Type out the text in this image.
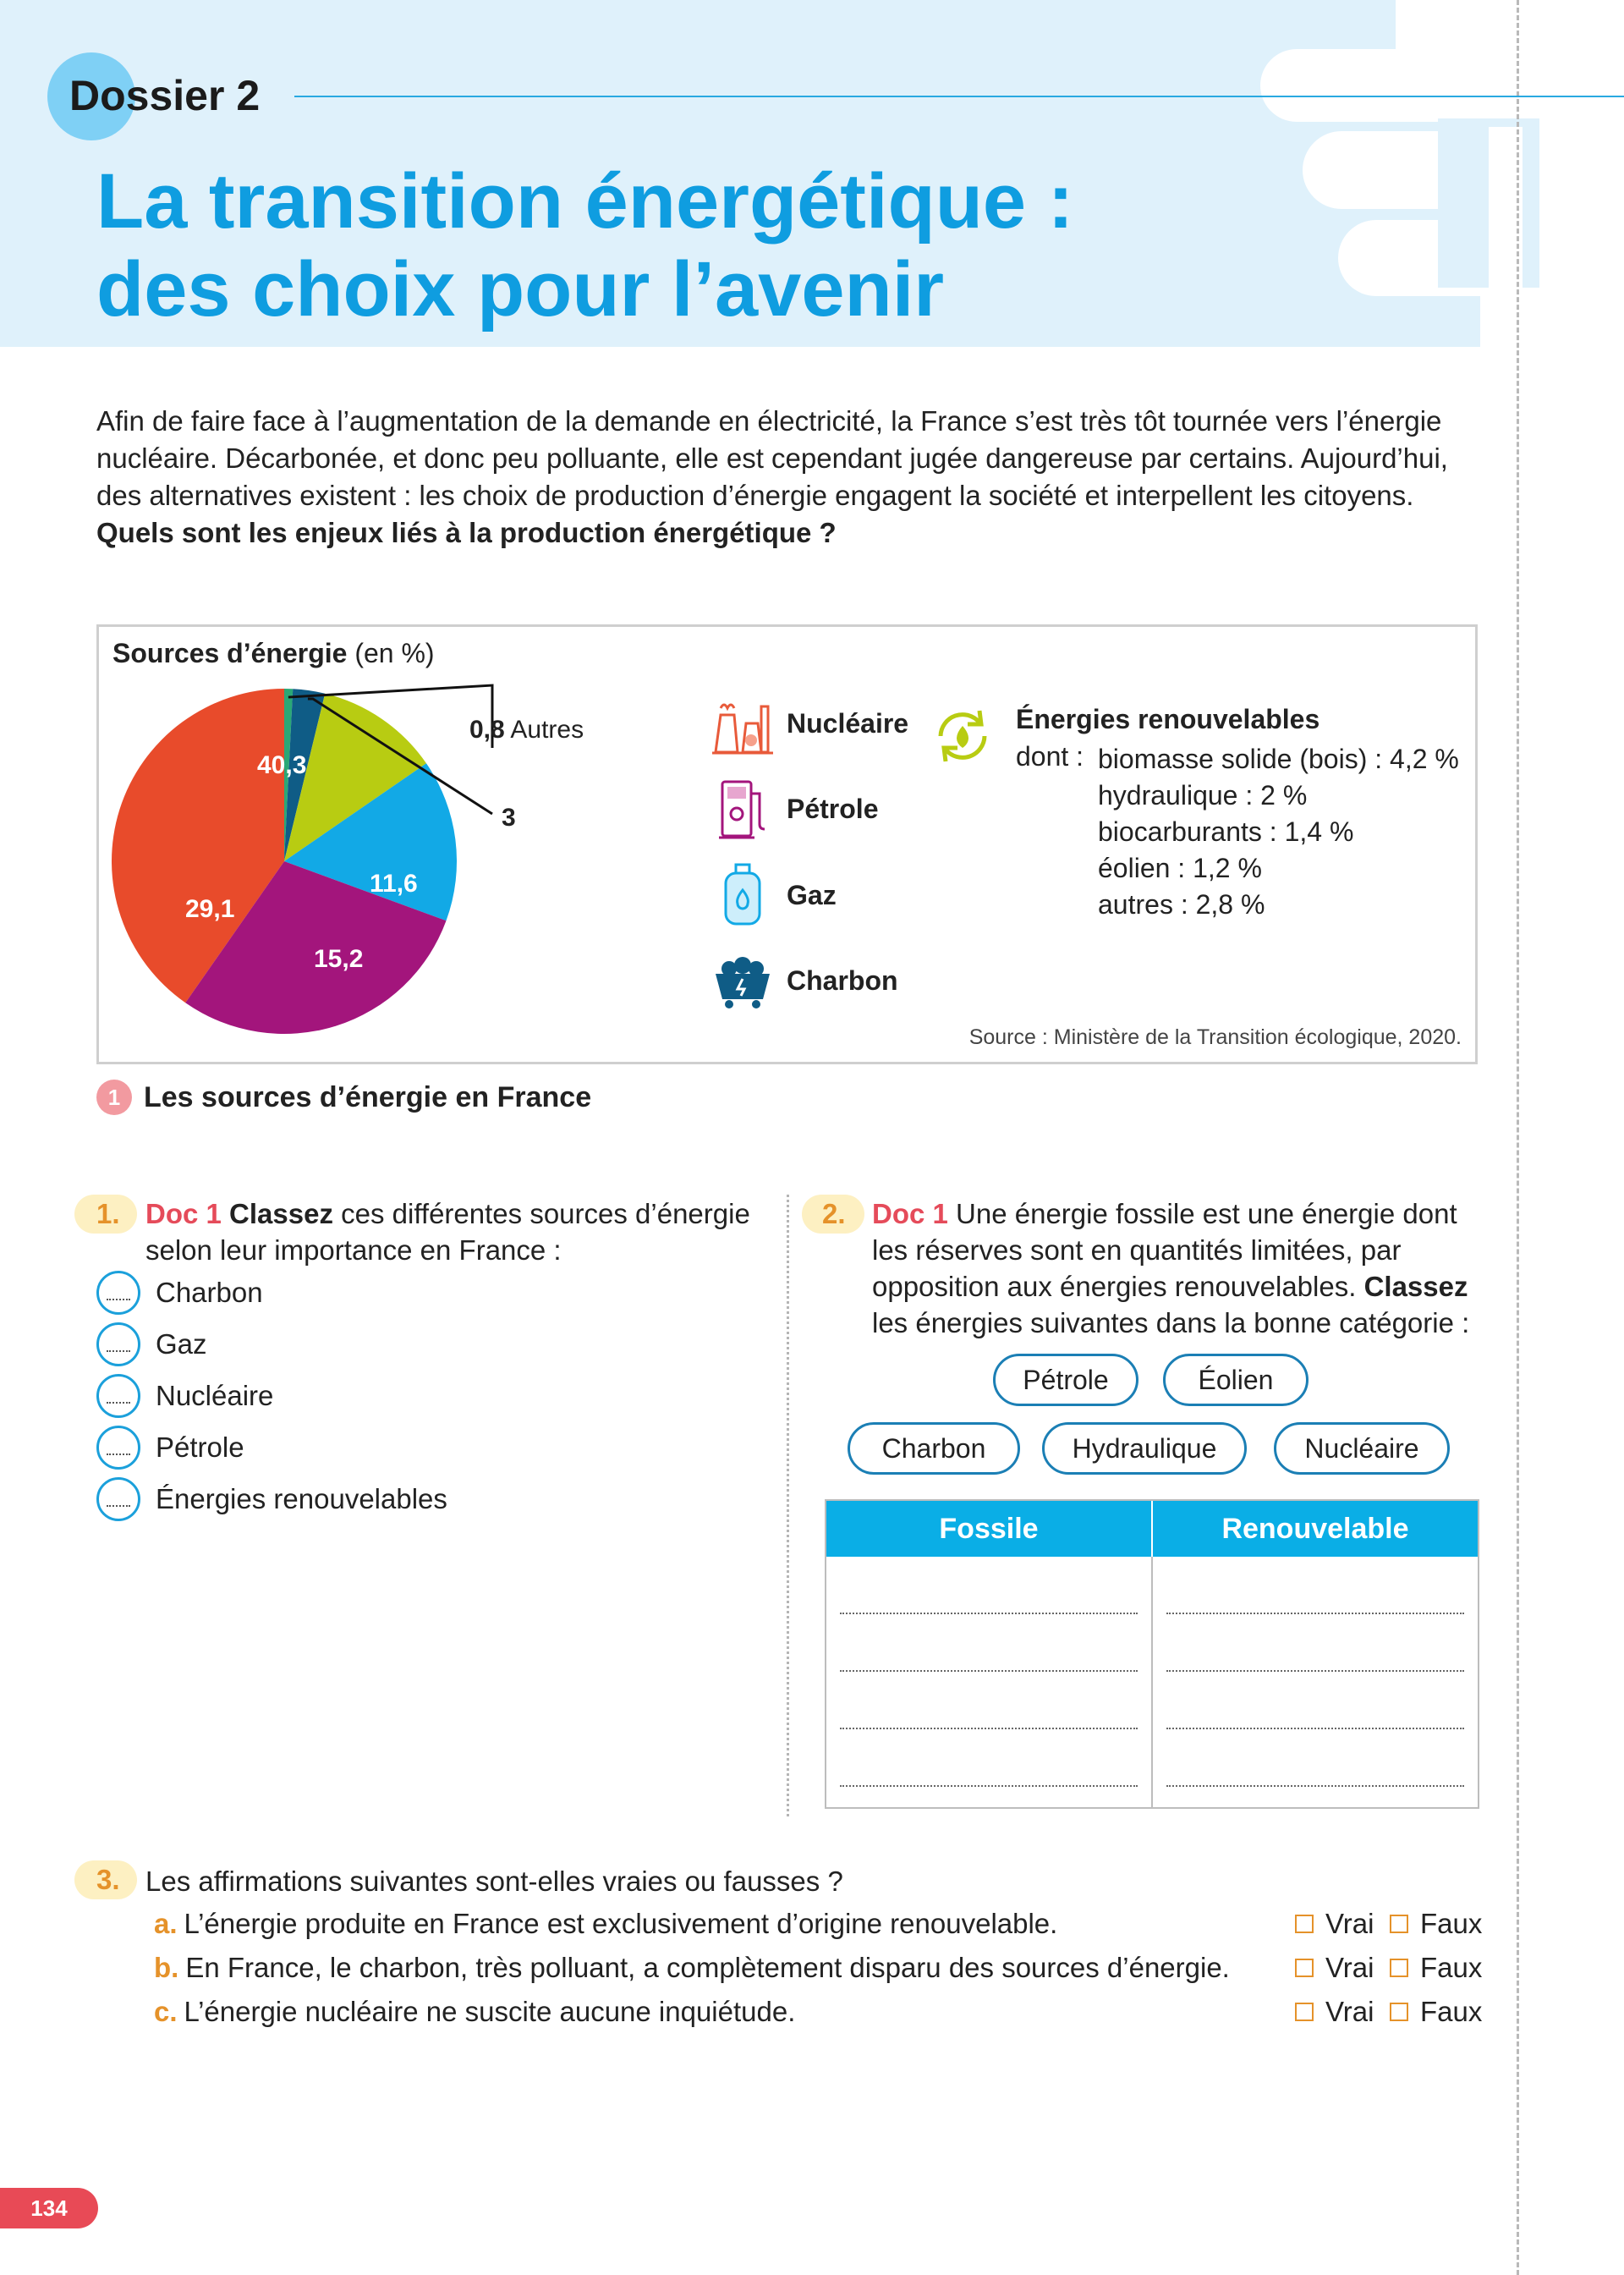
Dossier 2
La transition énergétique :
des choix pour l’avenir
Afin de faire face à l’augmentation de la demande en électricité, la France s’est très tôt tournée vers l’énergie nucléaire. Décarbonée, et donc peu polluante, elle est cependant jugée dangereuse par certains. Aujourd’hui, des alternatives existent : les choix de production d’énergie engagent la société et interpellent les citoyens.
Quels sont les enjeux liés à la production énergétique ?
Sources d’énergie (en %)
40,3
29,1
15,2
11,6
0,8 Autres
3
Nucléaire
Pétrole
Gaz
Charbon
Énergies renouvelables
dont : biomasse solide (bois) : 4,2 %
hydraulique : 2 %
biocarburants : 1,4 %
éolien : 1,2 %
autres : 2,8 %
Source : Ministère de la Transition écologique, 2020.
1 Les sources d’énergie en France
1. Doc 1 Classez ces différentes sources d’énergie selon leur importance en France :
Charbon
Gaz
Nucléaire
Pétrole
Énergies renouvelables
2. Doc 1 Une énergie fossile est une énergie dont les réserves sont en quantités limitées, par opposition aux énergies renouvelables. Classez les énergies suivantes dans la bonne catégorie :
Pétrole	Éolien
Charbon	Hydraulique	Nucléaire
Fossile	Renouvelable
3. Les affirmations suivantes sont-elles vraies ou fausses ?
a. L’énergie produite en France est exclusivement d’origine renouvelable.
b. En France, le charbon, très polluant, a complètement disparu des sources d’énergie.
c. L’énergie nucléaire ne suscite aucune inquiétude.
Vrai Faux
Vrai Faux
Vrai Faux
134
